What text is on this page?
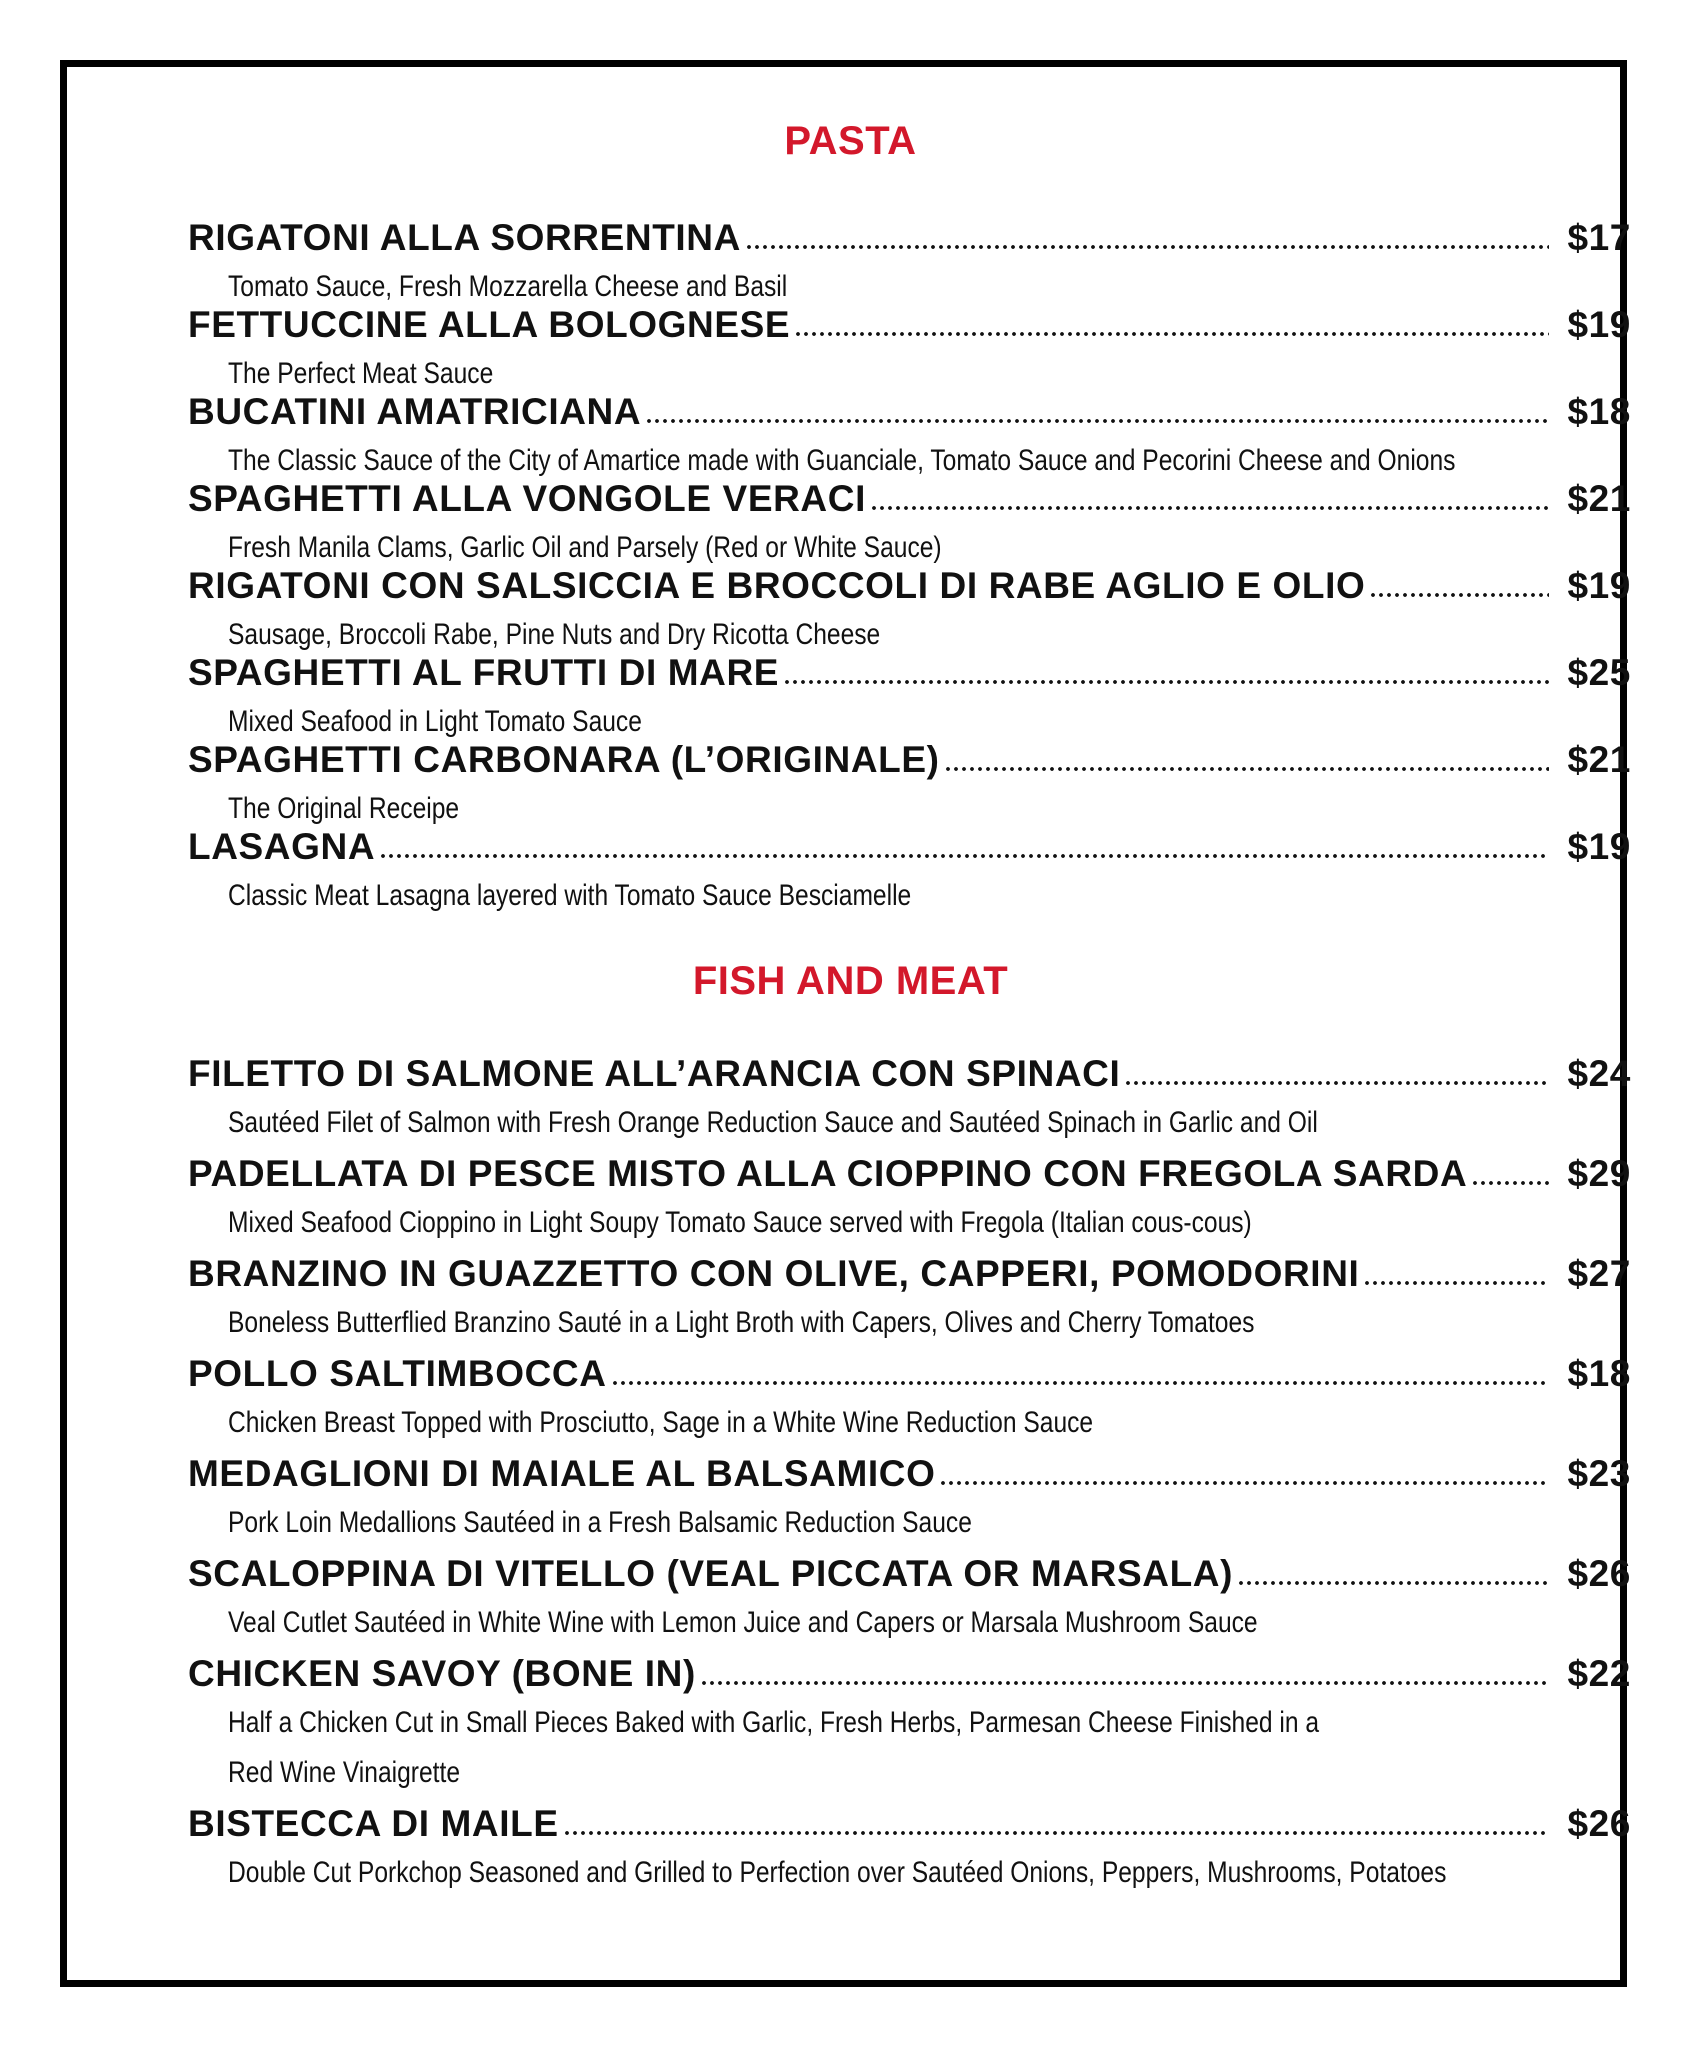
PASTA
RIGATONI ALLA SORRENTINA	$17
Tomato Sauce, Fresh Mozzarella Cheese and Basil
FETTUCCINE ALLA BOLOGNESE	$19
The Perfect Meat Sauce
BUCATINI AMATRICIANA	$18
The Classic Sauce of the City of Amartice made with Guanciale, Tomato Sauce and Pecorini Cheese and Onions
SPAGHETTI ALLA VONGOLE VERACI	$21
Fresh Manila Clams, Garlic Oil and Parsely (Red or White Sauce)
RIGATONI CON SALSICCIA E BROCCOLI DI RABE AGLIO E OLIO	$19
Sausage, Broccoli Rabe, Pine Nuts and Dry Ricotta Cheese
SPAGHETTI AL FRUTTI DI MARE	$25
Mixed Seafood in Light Tomato Sauce
SPAGHETTI CARBONARA (L’ORIGINALE)	$21
The Original Receipe
LASAGNA	$19
Classic Meat Lasagna layered with Tomato Sauce Besciamelle
FISH AND MEAT
FILETTO DI SALMONE ALL’ARANCIA CON SPINACI	$24
Sautéed Filet of Salmon with Fresh Orange Reduction Sauce and Sautéed Spinach in Garlic and Oil
PADELLATA DI PESCE MISTO ALLA CIOPPINO CON FREGOLA SARDA	$29
Mixed Seafood Cioppino in Light Soupy Tomato Sauce served with Fregola (Italian cous-cous)
BRANZINO IN GUAZZETTO CON OLIVE, CAPPERI, POMODORINI	$27
Boneless Butterflied Branzino Sauté in a Light Broth with Capers, Olives and Cherry Tomatoes
POLLO SALTIMBOCCA	$18
Chicken Breast Topped with Prosciutto, Sage in a White Wine Reduction Sauce
MEDAGLIONI DI MAIALE AL BALSAMICO	$23
Pork Loin Medallions Sautéed in a Fresh Balsamic Reduction Sauce
SCALOPPINA DI VITELLO (VEAL PICCATA OR MARSALA)	$26
Veal Cutlet Sautéed in White Wine with Lemon Juice and Capers or Marsala Mushroom Sauce
CHICKEN SAVOY (BONE IN)	$22
Half a Chicken Cut in Small Pieces Baked with Garlic, Fresh Herbs, Parmesan Cheese Finished in a
Red Wine Vinaigrette
BISTECCA DI MAILE	$26
Double Cut Porkchop Seasoned and Grilled to Perfection over Sautéed Onions, Peppers, Mushrooms, Potatoes
